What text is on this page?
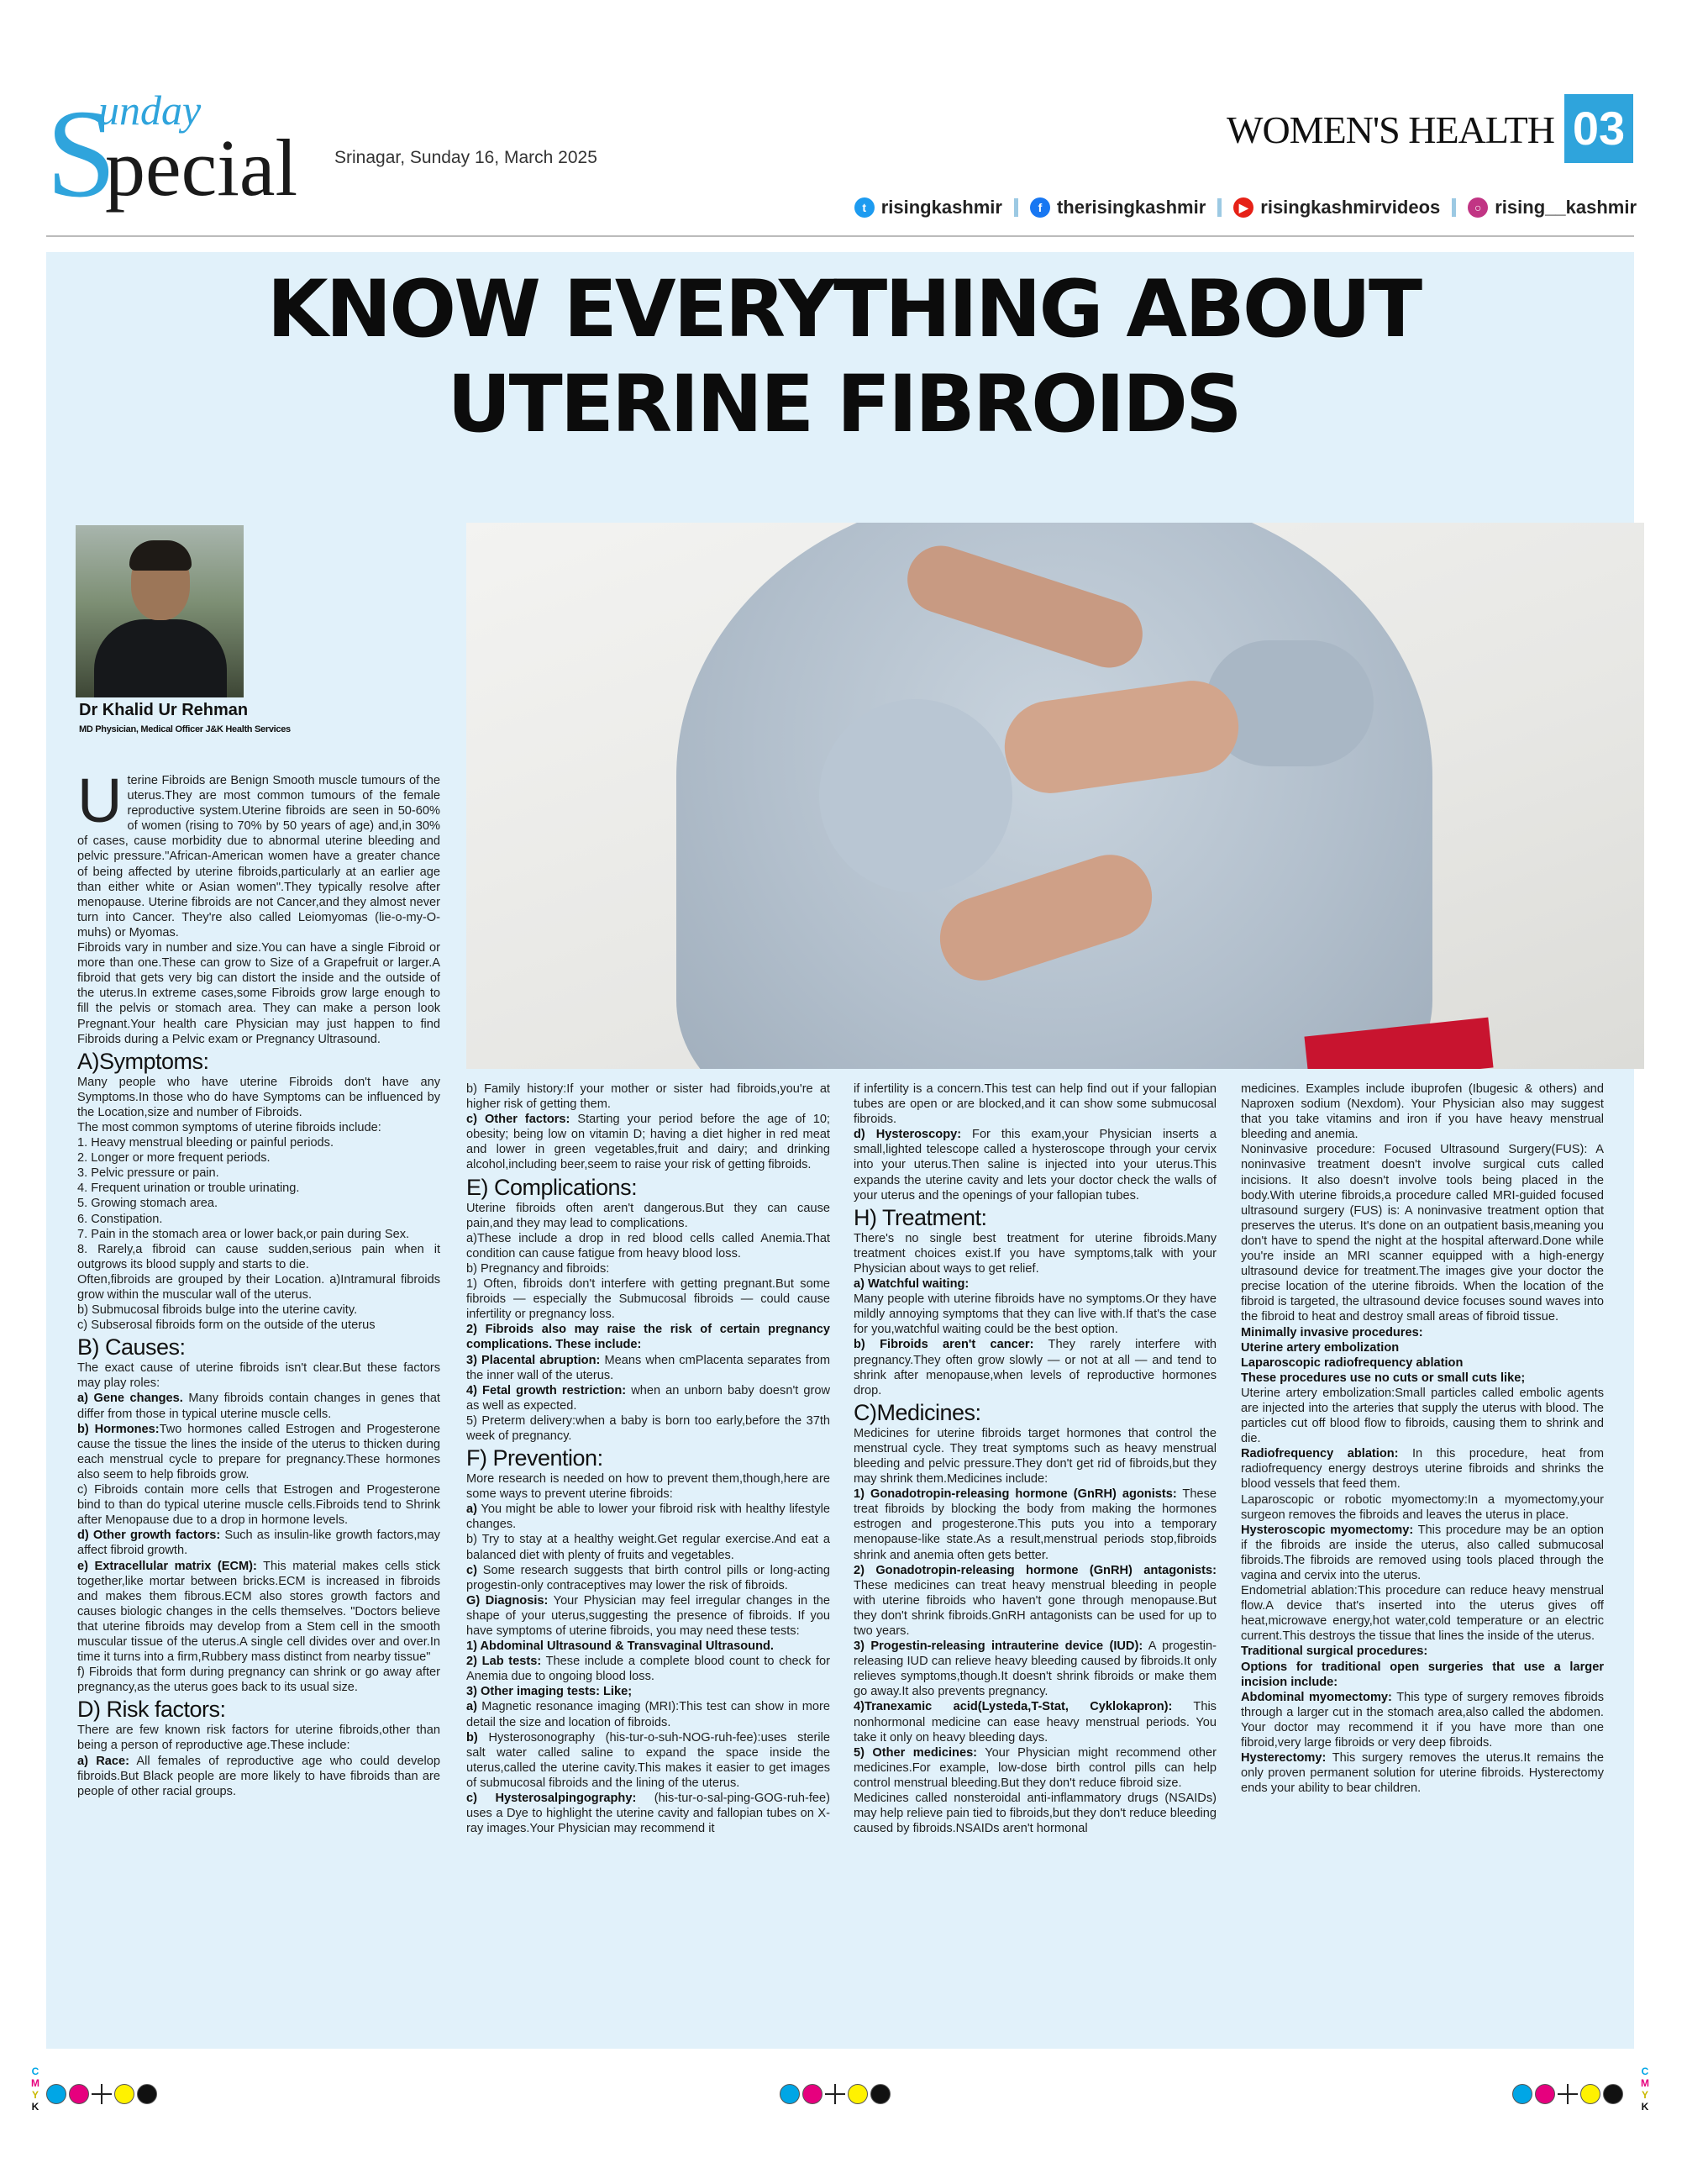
S
unday
pecial Srinagar, Sunday 16, March 2025
WOMEN'S HEALTH 03
t risingkashmir	f therisingkashmir	▶ risingkashmirvideos	○ rising__kashmir
KNOW EVERYTHING ABOUT
UTERINE FIBROIDS
Dr Khalid Ur Rehman
MD Physician, Medical Officer J&K Health Services

Uterine Fibroids are Benign Smooth muscle tumours of the uterus.They are most common tumours of the female reproductive system.Uterine fibroids are seen in 50-60% of women (rising to 70% by 50 years of age) and,in 30% of cases, cause morbidity due to abnormal uterine bleeding and pelvic pressure."African-American women have a greater chance of being affected by uterine fibroids,particularly at an earlier age than either white or Asian women".They typically resolve after menopause. Uterine fibroids are not Cancer,and they almost never turn into Cancer. They're also called Leiomyomas (lie-o-my-O-muhs) or Myomas.

Fibroids vary in number and size.You can have a single Fibroid or more than one.These can grow to Size of a Grapefruit or larger.A fibroid that gets very big can distort the inside and the outside of the uterus.In extreme cases,some Fibroids grow large enough to fill the pelvis or stomach area. They can make a person look Pregnant.Your health care Physician may just happen to find Fibroids during a Pelvic exam or Pregnancy Ultrasound.

A)Symptoms:

Many people who have uterine Fibroids don't have any Symptoms.In those who do have Symptoms can be influenced by the Location,size and number of Fibroids.

The most common symptoms of uterine fibroids include:

1. Heavy menstrual bleeding or painful periods.

2. Longer or more frequent periods.

3. Pelvic pressure or pain.

4. Frequent urination or trouble urinating.

5. Growing stomach area.

6. Constipation.

7. Pain in the stomach area or lower back,or pain during Sex.

8. Rarely,a fibroid can cause sudden,serious pain when it outgrows its blood supply and starts to die.

Often,fibroids are grouped by their Location. a)Intramural fibroids grow within the muscular wall of the uterus.

b) Submucosal fibroids bulge into the uterine cavity.

c) Subserosal fibroids form on the outside of the uterus

B) Causes:

The exact cause of uterine fibroids isn't clear.But these factors may play roles:

a) Gene changes. Many fibroids contain changes in genes that differ from those in typical uterine muscle cells.

b) Hormones:Two hormones called Estrogen and Progesterone cause the tissue the lines the inside of the uterus to thicken during each menstrual cycle to prepare for pregnancy.These hormones also seem to help fibroids grow.

c) Fibroids contain more cells that Estrogen and Progesterone bind to than do typical uterine muscle cells.Fibroids tend to Shrink after Menopause due to a drop in hormone levels.

d) Other growth factors: Such as insulin-like growth factors,may affect fibroid growth.

e) Extracellular matrix (ECM): This material makes cells stick together,like mortar between bricks.ECM is increased in fibroids and makes them fibrous.ECM also stores growth factors and causes biologic changes in the cells themselves. "Doctors believe that uterine fibroids may develop from a Stem cell in the smooth muscular tissue of the uterus.A single cell divides over and over.In time it turns into a firm,Rubbery mass distinct from nearby tissue"

f) Fibroids that form during pregnancy can shrink or go away after pregnancy,as the uterus goes back to its usual size.

D) Risk factors:

There are few known risk factors for uterine fibroids,other than being a person of reproductive age.These include:

a) Race: All females of reproductive age who could develop fibroids.But Black people are more likely to have fibroids than are people of other racial groups.

b) Family history:If your mother or sister had fibroids,you're at higher risk of getting them.

c) Other factors: Starting your period before the age of 10; obesity; being low on vitamin D; having a diet higher in red meat and lower in green vegetables,fruit and dairy; and drinking alcohol,including beer,seem to raise your risk of getting fibroids.

E) Complications:

Uterine fibroids often aren't dangerous.But they can cause pain,and they may lead to complications.

a)These include a drop in red blood cells called Anemia.That condition can cause fatigue from heavy blood loss.

b) Pregnancy and fibroids:

1) Often, fibroids don't interfere with getting pregnant.But some fibroids — especially the Submucosal fibroids — could cause infertility or pregnancy loss.

2) Fibroids also may raise the risk of certain pregnancy complications. These include:

3) Placental abruption: Means when cmPlacenta separates from the inner wall of the uterus.

4) Fetal growth restriction: when an unborn baby doesn't grow as well as expected.

5) Preterm delivery:when a baby is born too early,before the 37th week of pregnancy.

F) Prevention:

More research is needed on how to prevent them,though,here are some ways to prevent uterine fibroids:

a) You might be able to lower your fibroid risk with healthy lifestyle changes.

b) Try to stay at a healthy weight.Get regular exercise.And eat a balanced diet with plenty of fruits and vegetables.

c) Some research suggests that birth control pills or long-acting progestin-only contraceptives may lower the risk of fibroids.

G) Diagnosis: Your Physician may feel irregular changes in the shape of your uterus,suggesting the presence of fibroids. If you have symptoms of uterine fibroids, you may need these tests:

1) Abdominal Ultrasound & Transvaginal Ultrasound.

2) Lab tests: These include a complete blood count to check for Anemia due to ongoing blood loss.

3) Other imaging tests: Like;

a) Magnetic resonance imaging (MRI):This test can show in more detail the size and location of fibroids.

b) Hysterosonography (his-tur-o-suh-NOG-ruh-fee):uses sterile salt water called saline to expand the space inside the uterus,called the uterine cavity.This makes it easier to get images of submucosal fibroids and the lining of the uterus.

c) Hysterosalpingography: (his-tur-o-sal-ping-GOG-ruh-fee) uses a Dye to highlight the uterine cavity and fallopian tubes on X-ray images.Your Physician may recommend it

if infertility is a concern.This test can help find out if your fallopian tubes are open or are blocked,and it can show some submucosal fibroids.

d) Hysteroscopy: For this exam,your Physician inserts a small,lighted telescope called a hysteroscope through your cervix into your uterus.Then saline is injected into your uterus.This expands the uterine cavity and lets your doctor check the walls of your uterus and the openings of your fallopian tubes.

H) Treatment:

There's no single best treatment for uterine fibroids.Many treatment choices exist.If you have symptoms,talk with your Physician about ways to get relief.

a) Watchful waiting:

Many people with uterine fibroids have no symptoms.Or they have mildly annoying symptoms that they can live with.If that's the case for you,watchful waiting could be the best option.

b) Fibroids aren't cancer: They rarely interfere with pregnancy.They often grow slowly — or not at all — and tend to shrink after menopause,when levels of reproductive hormones drop.

C)Medicines:

Medicines for uterine fibroids target hormones that control the menstrual cycle. They treat symptoms such as heavy menstrual bleeding and pelvic pressure.They don't get rid of fibroids,but they may shrink them.Medicines include:

1) Gonadotropin-releasing hormone (GnRH) agonists: These treat fibroids by blocking the body from making the hormones estrogen and progesterone.This puts you into a temporary menopause-like state.As a result,menstrual periods stop,fibroids shrink and anemia often gets better.

2) Gonadotropin-releasing hormone (GnRH) antagonists: These medicines can treat heavy menstrual bleeding in people with uterine fibroids who haven't gone through menopause.But they don't shrink fibroids.GnRH antagonists can be used for up to two years.

3) Progestin-releasing intrauterine device (IUD): A progestin-releasing IUD can relieve heavy bleeding caused by fibroids.It only relieves symptoms,though.It doesn't shrink fibroids or make them go away.It also prevents pregnancy.

4)Tranexamic acid(Lysteda,T-Stat, Cyklokapron): This nonhormonal medicine can ease heavy menstrual periods. You take it only on heavy bleeding days.

5) Other medicines: Your Physician might recommend other medicines.For example, low-dose birth control pills can help control menstrual bleeding.But they don't reduce fibroid size.

Medicines called nonsteroidal anti-inflammatory drugs (NSAIDs) may help relieve pain tied to fibroids,but they don't reduce bleeding caused by fibroids.NSAIDs aren't hormonal

medicines. Examples include ibuprofen (Ibugesic & others) and Naproxen sodium (Nexdom). Your Physician also may suggest that you take vitamins and iron if you have heavy menstrual bleeding and anemia.

Noninvasive procedure: Focused Ultrasound Surgery(FUS): A noninvasive treatment doesn't involve surgical cuts called incisions. It also doesn't involve tools being placed in the body.With uterine fibroids,a procedure called MRI-guided focused ultrasound surgery (FUS) is: A noninvasive treatment option that preserves the uterus. It's done on an outpatient basis,meaning you don't have to spend the night at the hospital afterward.Done while you're inside an MRI scanner equipped with a high-energy ultrasound device for treatment.The images give your doctor the precise location of the uterine fibroids. When the location of the fibroid is targeted, the ultrasound device focuses sound waves into the fibroid to heat and destroy small areas of fibroid tissue.

Minimally invasive procedures:

Uterine artery embolization

Laparoscopic radiofrequency ablation

These procedures use no cuts or small cuts like;

Uterine artery embolization:Small particles called embolic agents are injected into the arteries that supply the uterus with blood. The particles cut off blood flow to fibroids, causing them to shrink and die.

Radiofrequency ablation: In this procedure, heat from radiofrequency energy destroys uterine fibroids and shrinks the blood vessels that feed them.

Laparoscopic or robotic myomectomy:In a myomectomy,your surgeon removes the fibroids and leaves the uterus in place.

Hysteroscopic myomectomy: This procedure may be an option if the fibroids are inside the uterus, also called submucosal fibroids.The fibroids are removed using tools placed through the vagina and cervix into the uterus.

Endometrial ablation:This procedure can reduce heavy menstrual flow.A device that's inserted into the uterus gives off heat,microwave energy,hot water,cold temperature or an electric current.This destroys the tissue that lines the inside of the uterus.

Traditional surgical procedures:

Options for traditional open surgeries that use a larger incision include:

Abdominal myomectomy: This type of surgery removes fibroids through a larger cut in the stomach area,also called the abdomen. Your doctor may recommend it if you have more than one fibroid,very large fibroids or very deep fibroids.

Hysterectomy: This surgery removes the uterus.It remains the only proven permanent solution for uterine fibroids. Hysterectomy ends your ability to bear children.

C
M
Y
K
C
M
Y
K
